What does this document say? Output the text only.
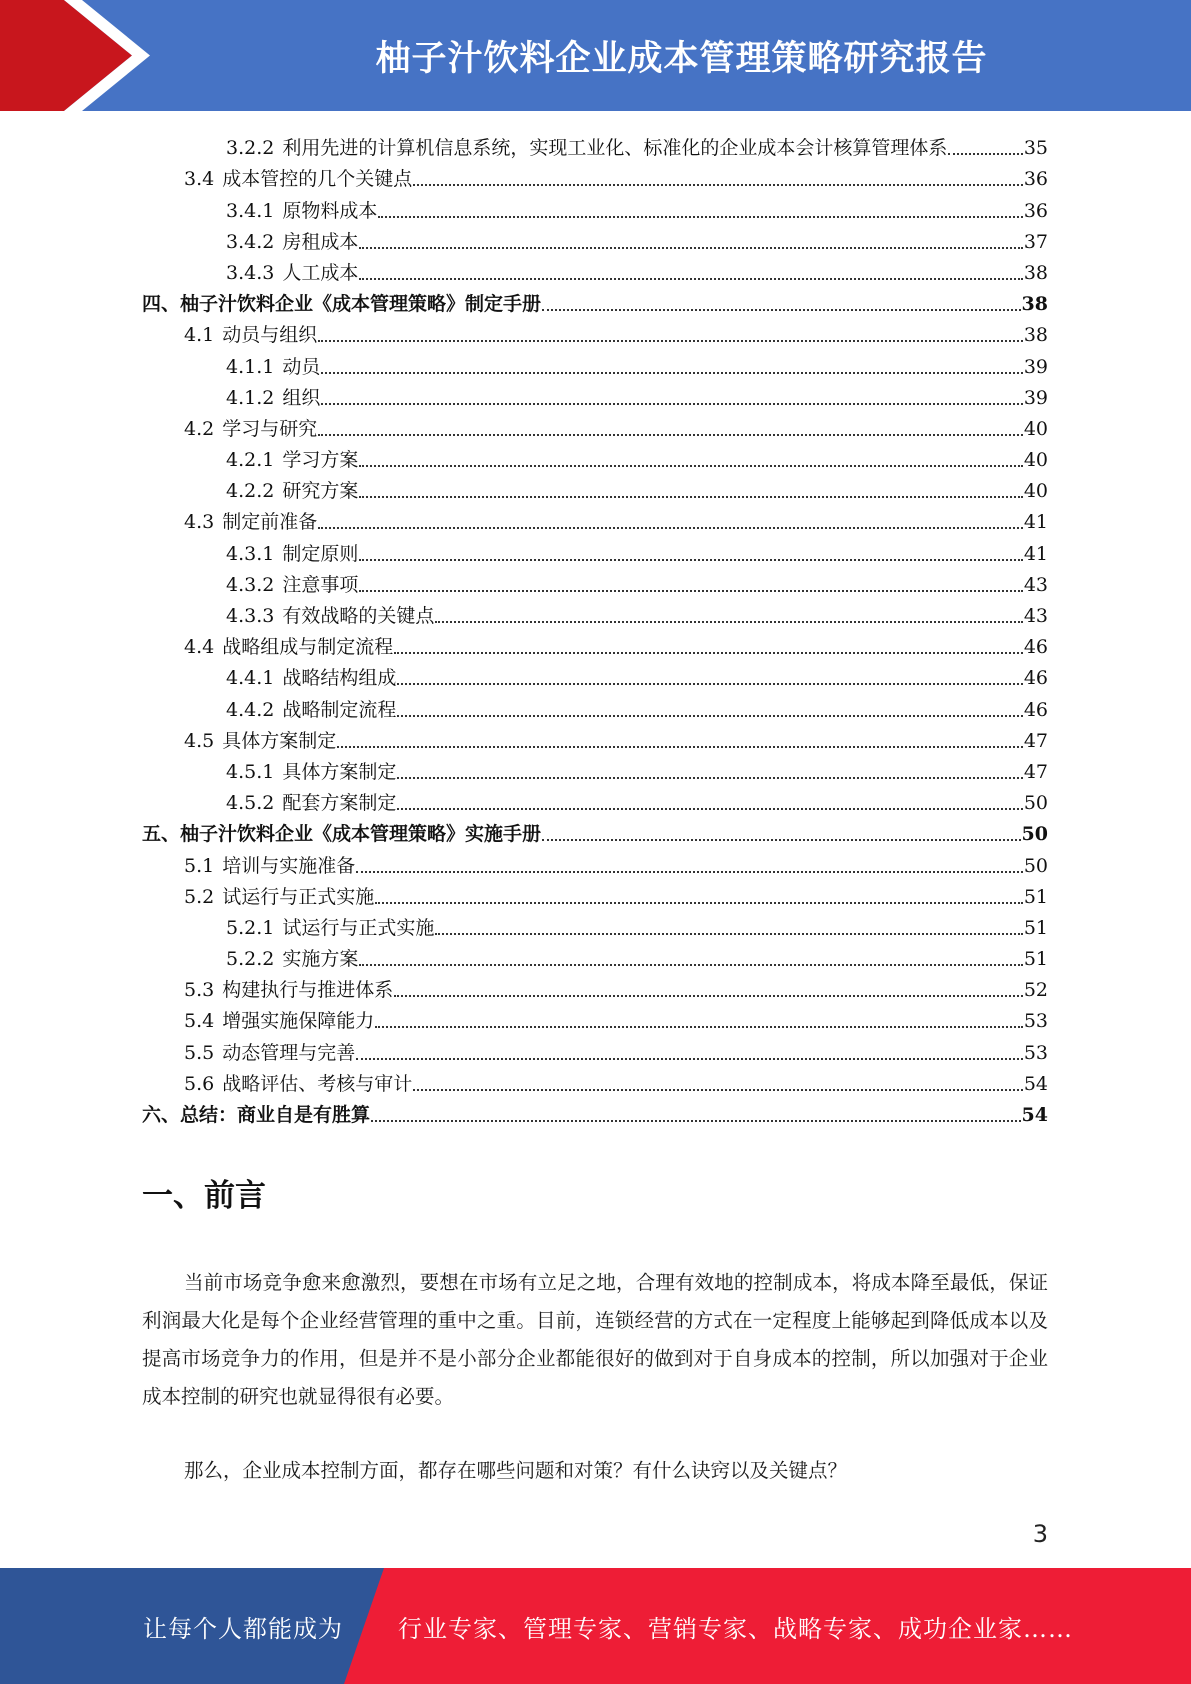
柚子汁饮料企业成本管理策略研究报告
3.2.2 利用先进的计算机信息系统，实现工业化、标准化的企业成本会计核算管理体系	35
3.4 成本管控的几个关键点	36
3.4.1 原物料成本	36
3.4.2 房租成本	37
3.4.3 人工成本	38
四、柚子汁饮料企业《成本管理策略》制定手册	38
4.1 动员与组织	38
4.1.1 动员	39
4.1.2 组织	39
4.2 学习与研究	40
4.2.1 学习方案	40
4.2.2 研究方案	40
4.3 制定前准备	41
4.3.1 制定原则	41
4.3.2 注意事项	43
4.3.3 有效战略的关键点	43
4.4 战略组成与制定流程	46
4.4.1 战略结构组成	46
4.4.2 战略制定流程	46
4.5 具体方案制定	47
4.5.1 具体方案制定	47
4.5.2 配套方案制定	50
五、柚子汁饮料企业《成本管理策略》实施手册	50
5.1 培训与实施准备	50
5.2 试运行与正式实施	51
5.2.1 试运行与正式实施	51
5.2.2 实施方案	51
5.3 构建执行与推进体系	52
5.4 增强实施保障能力	53
5.5 动态管理与完善	53
5.6 战略评估、考核与审计	54
六、总结：商业自是有胜算	54
一、前言
当前市场竞争愈来愈激烈，要想在市场有立足之地，合理有效地的控制成本，将成本降至最低，保证利润最大化是每个企业经营管理的重中之重。目前，连锁经营的方式在一定程度上能够起到降低成本以及提高市场竞争力的作用，但是并不是小部分企业都能很好的做到对于自身成本的控制，所以加强对于企业成本控制的研究也就显得很有必要。
那么，企业成本控制方面，都存在哪些问题和对策？有什么诀窍以及关键点？
3
让每个人都能成为 行业专家、管理专家、营销专家、战略专家、成功企业家……
